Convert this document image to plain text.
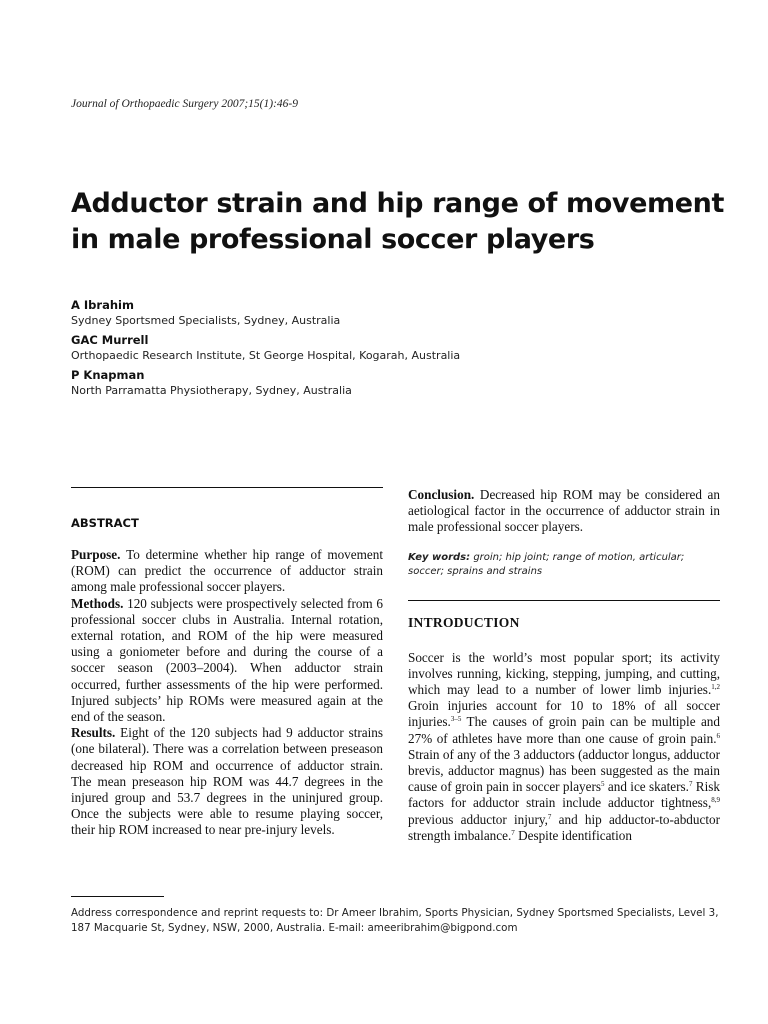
Journal of Orthopaedic Surgery 2007;15(1):46-9
Adductor strain and hip range of movement in male professional soccer players
A Ibrahim
Sydney Sportsmed Specialists, Sydney, Australia
GAC Murrell
Orthopaedic Research Institute, St George Hospital, Kogarah, Australia
P Knapman
North Parramatta Physiotherapy, Sydney, Australia
ABSTRACT

Purpose. To determine whether hip range of movement (ROM) can predict the occurrence of adductor strain among male professional soccer players.
Methods. 120 subjects were prospectively selected from 6 professional soccer clubs in Australia. Internal rotation, external rotation, and ROM of the hip were measured using a goniometer before and during the course of a soccer season (2003–2004). When adductor strain occurred, further assessments of the hip were performed. Injured subjects’ hip ROMs were measured again at the end of the season.
Results. Eight of the 120 subjects had 9 adductor strains (one bilateral). There was a correlation between preseason decreased hip ROM and occurrence of adductor strain. The mean preseason hip ROM was 44.7 degrees in the injured group and 53.7 degrees in the uninjured group. Once the subjects were able to resume playing soccer, their hip ROM increased to near pre-injury levels.

Conclusion. Decreased hip ROM may be considered an aetiological factor in the occurrence of adductor strain in male professional soccer players.

Key words: groin; hip joint; range of motion, articular; soccer; sprains and strains
INTRODUCTION

Soccer is the world’s most popular sport; its activity involves running, kicking, stepping, jumping, and cutting, which may lead to a number of lower limb injuries.$^{1,2}$ Groin injuries account for 10 to 18% of all soccer injuries.$^{3-5}$ The causes of groin pain can be multiple and 27% of athletes have more than one cause of groin pain.$^6$ Strain of any of the 3 adductors (adductor longus, adductor brevis, adductor magnus) has been suggested as the main cause of groin pain in soccer players$^5$ and ice skaters.$^7$ Risk factors for adductor strain include adductor tightness,$^{8,9}$ previous adductor injury,$^7$ and hip adductor-to-abductor strength imbalance.$^7$ Despite identification

Address correspondence and reprint requests to: Dr Ameer Ibrahim, Sports Physician, Sydney Sportsmed Specialists, Level 3, 187 Macquarie St, Sydney, NSW, 2000, Australia. E-mail: ameeribrahim@bigpond.com
